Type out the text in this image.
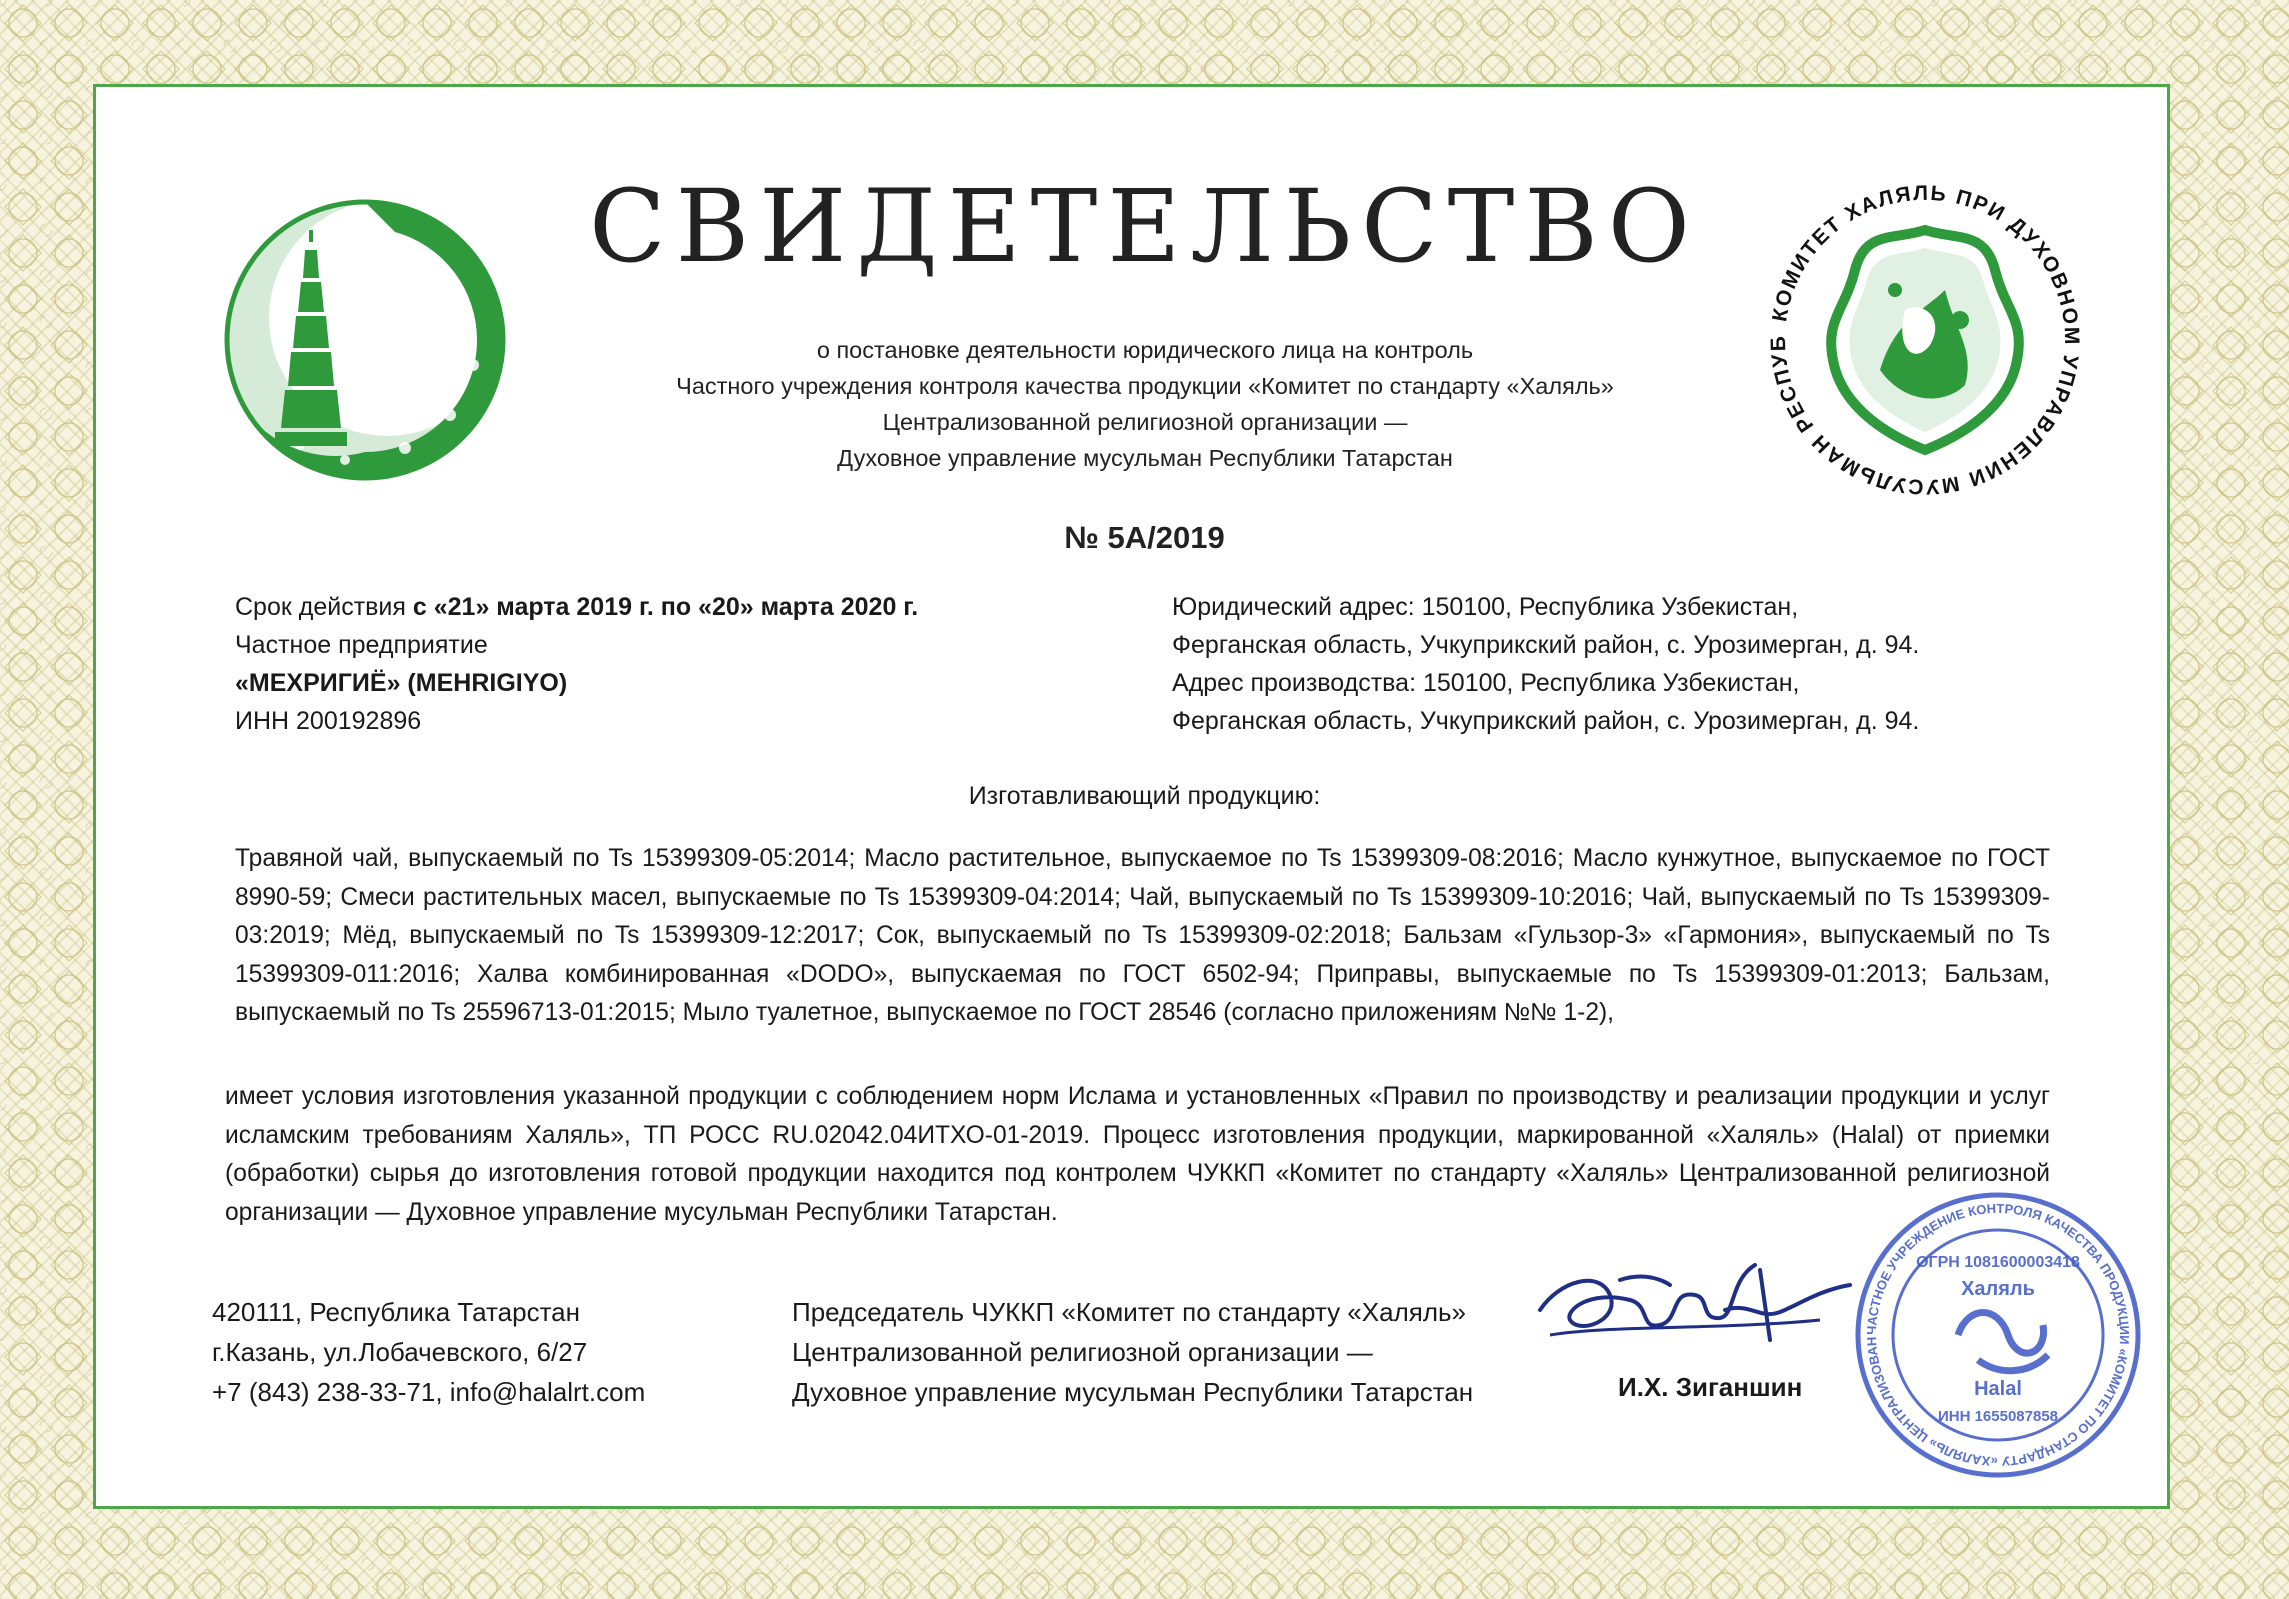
КОМИТЕТ ХАЛЯЛЬ ПРИ ДУХОВНОМ УПРАВЛЕНИИ МУСУЛЬМАН РЕСПУБ
СВИДЕТЕЛЬСТВО
о постановке деятельности юридического лица на контроль
Частного учреждения контроля качества продукции «Комитет по стандарту «Халяль»
Централизованной религиозной организации —
Духовное управление мусульман Республики Татарстан
№ 5А/2019
Срок действия с «21» марта 2019 г. по «20» марта 2020 г.
Частное предприятие
«МЕХРИГИЁ» (MEHRIGIYO)
ИНН 200192896
Юридический адрес: 150100, Республика Узбекистан,
Ферганская область, Учкуприкский район, с. Урозимерган, д. 94.
Адрес производства: 150100, Республика Узбекистан,
Ферганская область, Учкуприкский район, с. Урозимерган, д. 94.
Изготавливающий продукцию:
Травяной чай, выпускаемый по Ts 15399309-05:2014; Масло растительное, выпускаемое по Ts 15399309-08:2016; Масло кунжутное, выпускаемое по ГОСТ 8990-59; Смеси растительных масел, выпускаемые по Ts 15399309-04:2014; Чай, выпускаемый по Ts 15399309-10:2016; Чай, выпускаемый по Ts 15399309-03:2019; Мёд, выпускаемый по Ts 15399309-12:2017; Сок, выпускаемый по Ts 15399309-02:2018; Бальзам «Гульзор-3» «Гармония», выпускаемый по Ts 15399309-011:2016; Халва комбинированная «DODO», выпускаемая по ГОСТ 6502-94; Приправы, выпускаемые по Ts 15399309-01:2013; Бальзам, выпускаемый по Ts 25596713-01:2015; Мыло туалетное, выпускаемое по ГОСТ 28546 (согласно приложениям №№ 1-2),
имеет условия изготовления указанной продукции с соблюдением норм Ислама и установленных «Правил по производству и реализации продукции и услуг исламским требованиям Халяль», ТП РОСС RU.02042.04ИТХО-01-2019. Процесс изготовления продукции, маркированной «Халяль» (Halal) от приемки (обработки) сырья до изготовления готовой продукции находится под контролем ЧУККП «Комитет по стандарту «Халяль» Централизованной религиозной организации — Духовное управление мусульман Республики Татарстан.
420111, Республика Татарстан
г.Казань, ул.Лобачевского, 6/27
+7 (843) 238-33-71, info@halalrt.com
Председатель ЧУККП «Комитет по стандарту «Халяль»
Централизованной религиозной организации —
Духовное управление мусульман Республики Татарстан	И.Х. Зиганшин
ЧАСТНОЕ УЧРЕЖДЕНИЕ КОНТРОЛЯ КАЧЕСТВА ПРОДУКЦИИ «КОМИТЕТ ПО СТАНДАРТУ «ХАЛЯЛЬ» ЦЕНТРАЛИЗОВАН
ОГРН 1081600003418
Халяль
Halal
ИНН 1655087858
